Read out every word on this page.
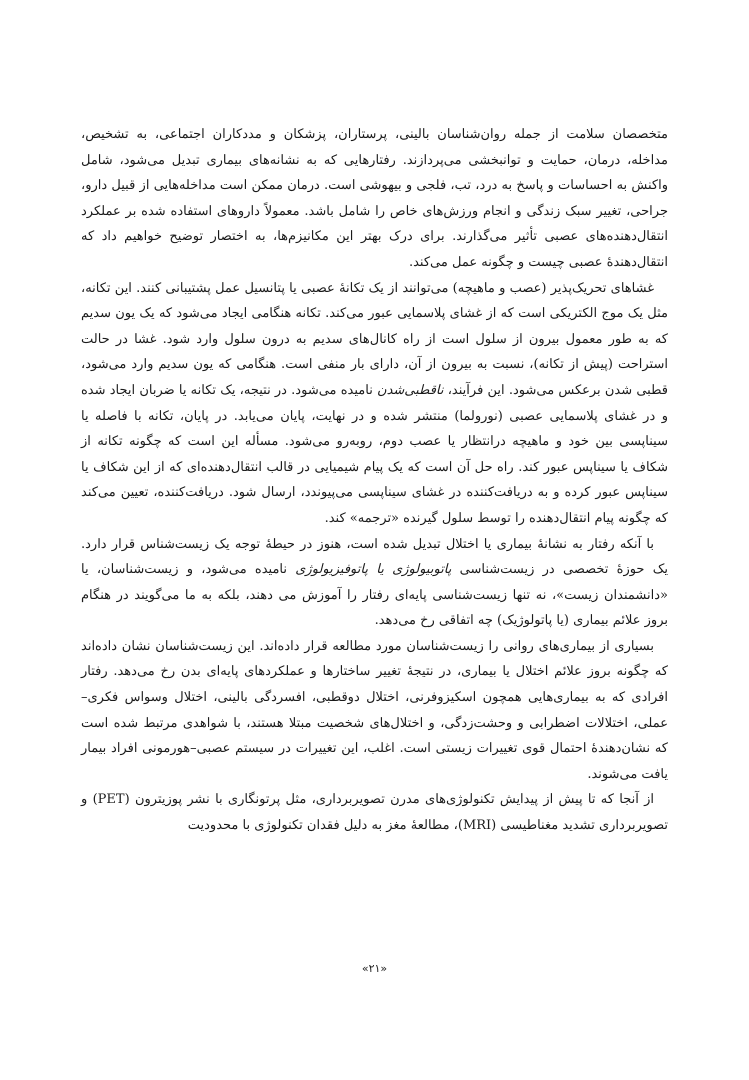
متخصصان سلامت از جمله روان‌شناسان بالینی، پرستاران، پزشکان و مددکاران اجتماعی، به تشخیص، مداخله، درمان، حمایت و توانبخشی می‌پردازند. رفتارهایی که به نشانه‌های بیماری تبدیل می‌شود، شامل واکنش به احساسات و پاسخ به درد، تب، فلجی و بیهوشی است. درمان ممکن است مداخله‌هایی از قبیل دارو، جراحی، تغییر سبک زندگی و انجام ورزش‌های خاص را شامل باشد. معمولاً داروهای استفاده شده بر عملکرد انتقال‌دهنده‌های عصبی تأثیر می‌گذارند. برای درک بهتر این مکانیزم‌ها، به اختصار توضیح خواهیم داد که انتقال‌دهندهٔ عصبی چیست و چگونه عمل می‌کند.

غشاهای تحریک‌پذیر (عصب و ماهیچه) می‌توانند از یک تکانهٔ عصبی یا پتانسیل عمل پشتیبانی کنند. این تکانه، مثل یک موج الکتریکی است که از غشای پلاسمایی عبور می‌کند. تکانه هنگامی ایجاد می‌شود که یک یون سدیم که به طور معمول بیرون از سلول است از راه کانال‌های سدیم به درون سلول وارد شود. غشا در حالت استراحت (پیش از تکانه)، نسبت به بیرون از آن، دارای بار منفی است. هنگامی که یون سدیم وارد می‌شود، قطبی شدن برعکس می‌شود. این فرآیند، ناقطبی‌شدن نامیده می‌شود. در نتیجه، یک تکانه یا ضربان ایجاد شده و در غشای پلاسمایی عصبی (نورولما) منتشر شده و در نهایت، پایان می‌یابد. در پایان، تکانه با فاصله یا سیناپسی بین خود و ماهیچه درانتظار یا عصب دوم، روبه‌رو می‌شود. مسأله این است که چگونه تکانه از شکاف یا سیناپس عبور کند. راه حل آن است که یک پیام شیمیایی در قالب انتقال‌دهنده‌ای که از این شکاف یا سیناپس عبور کرده و به دریافت‌کننده در غشای سیناپسی می‌پیوندد، ارسال شود. دریافت‌کننده، تعیین می‌کند که چگونه پیام انتقال‌دهنده را توسط سلول گیرنده «ترجمه» کند.

با آنکه رفتار به نشانهٔ بیماری یا اختلال تبدیل شده است، هنوز در حیطهٔ توجه یک زیست‌شناس قرار دارد. یک حوزهٔ تخصصی در زیست‌شناسی پاتوبیولوژی یا پاتوفیزیولوژی نامیده می‌شود، و زیست‌شناسان، یا «دانشمندان زیست»، نه تنها زیست‌شناسی پایه‌ای رفتار را آموزش می دهند، بلکه به ما می‌گویند در هنگام بروز علائم بیماری (یا پاتولوژیک) چه اتفاقی رخ می‌دهد.

بسیاری از بیماری‌های روانی را زیست‌شناسان مورد مطالعه قرار داده‌اند. این زیست‌شناسان نشان داده‌اند که چگونه بروز علائم اختلال یا بیماری، در نتیجهٔ تغییر ساختارها و عملکردهای پایه‌ای بدن رخ می‌دهد. رفتار افرادی که به بیماری‌هایی همچون اسکیزوفرنی، اختلال دوقطبی، افسردگی بالینی، اختلال وسواس فکری–عملی، اختلالات اضطرابی و وحشت‌زدگی، و اختلال‌های شخصیت مبتلا هستند، با شواهدی مرتبط شده است که نشان‌دهندهٔ احتمال قوی تغییرات زیستی است. اغلب، این تغییرات در سیستم عصبی–هورمونی افراد بیمار یافت می‌شوند.

از آنجا که تا پیش از پیدایش تکنولوژی‌های مدرن تصویربرداری، مثل پرتونگاری با نشر پوزیترون (PET) و تصویربرداری تشدید مغناطیسی (MRI)، مطالعهٔ مغز به دلیل فقدان تکنولوژی با محدودیت

«۲۱»
